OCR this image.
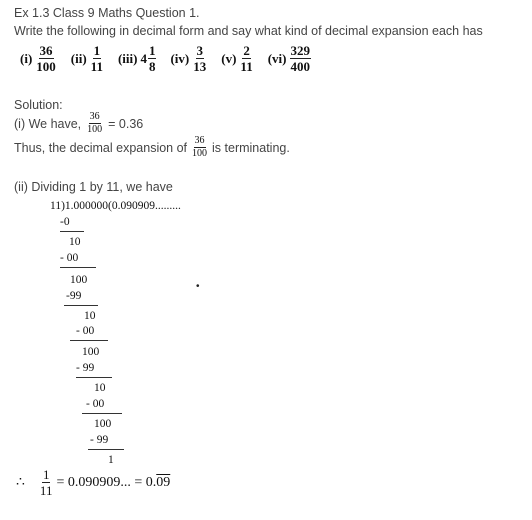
Ex 1.3 Class 9 Maths Question 1.
Write the following in decimal form and say what kind of decimal expansion each has
$(i) \frac{36}{100} (ii) \frac{1}{11} (iii)$ $4 \frac{1}{8} (iv) \frac{3}{13} (v) \frac{2}{11} (vi) \frac{329}{400}$
Solution:
(i) We have, $\frac{36}{100} = 0.36$
Thus, the decimal expansion of $\frac{36}{100}$ is terminating.
(ii) Dividing 1 by 11, we have
11)1.000000(0.090909.........
-0
10
- 00
100
-99
10
- 00
100
- 99
10
- 00
100
- 99
1
•
∴ $\frac{1}{11} = 0.090909$... = 0. 09
